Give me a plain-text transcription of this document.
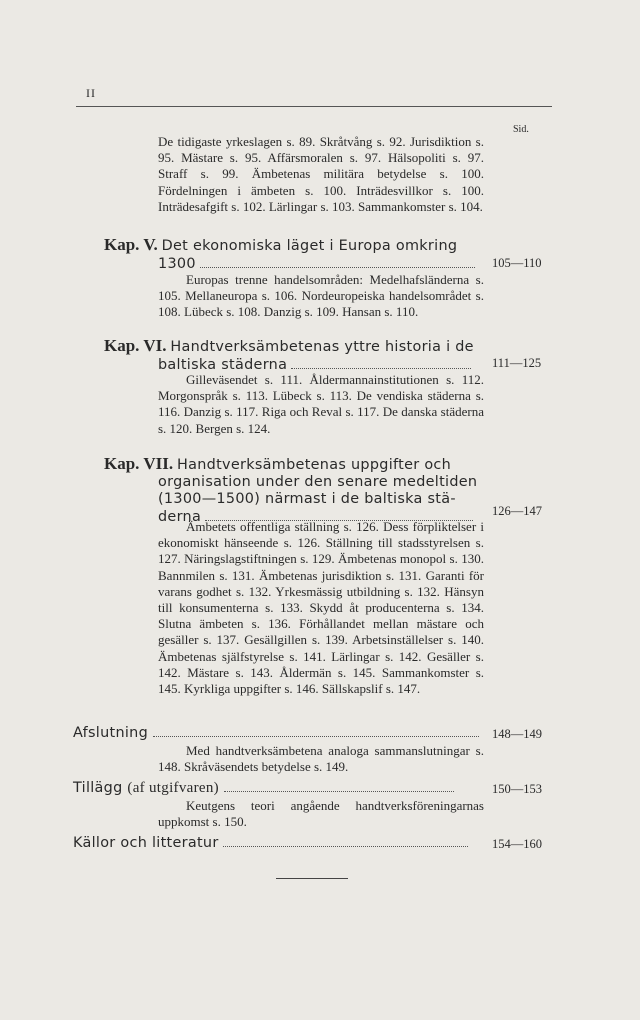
II
Sid.
De tidigaste yrkeslagen s. 89. Skråtvång s. 92. Jurisdiktion s. 95. Mästare s. 95. Affärsmoralen s. 97. Hälsopoliti s. 97. Straff s. 99. Ämbetenas militära betydelse s. 100. Fördelningen i ämbeten s. 100. Inträdesvillkor s. 100. Inträdesafgift s. 102. Lärlingar s. 103. Sammankomster s. 104.
Kap. V. Det ekonomiska läget i Europa omkring
1300	105—110
Europas trenne handelsområden: Medelhafsländerna s. 105. Mellaneuropa s. 106. Nordeuropeiska handelsområdet s. 108. Lübeck s. 108. Danzig s. 109. Hansan s. 110.
Kap. VI. Handtverksämbetenas yttre historia i de
baltiska städerna	111—125
Gilleväsendet s. 111. Åldermannainstitutionen s. 112. Morgonspråk s. 113. Lübeck s. 113. De vendiska städerna s. 116. Danzig s. 117. Riga och Reval s. 117. De danska städerna s. 120. Bergen s. 124.
Kap. VII. Handtverksämbetenas uppgifter och

organisation under den senare medeltiden
(1300—1500) närmast i de baltiska stä-
derna	126—147
Ämbetets offentliga ställning s. 126. Dess förpliktelser i ekonomiskt hänseende s. 126. Ställning till stadsstyrelsen s. 127. Näringslagstiftningen s. 129. Ämbetenas monopol s. 130. Bannmilen s. 131. Ämbetenas jurisdiktion s. 131. Garanti för varans godhet s. 132. Yrkesmässig utbildning s. 132. Hänsyn till konsumenterna s. 133. Skydd åt producenterna s. 134. Slutna ämbeten s. 136. Förhållandet mellan mästare och gesäller s. 137. Gesällgillen s. 139. Arbetsinställelser s. 140. Ämbetenas själfstyrelse s. 141. Lärlingar s. 142. Gesäller s. 142. Mästare s. 143. Åldermän s. 145. Sammankomster s. 145. Kyrkliga uppgifter s. 146. Sällskapslif s. 147.
Afslutning	148—149
Med handtverksämbetena analoga sammanslutningar s. 148. Skråväsendets betydelse s. 149.
Tillägg (af utgifvaren)	150—153
Keutgens teori angående handtverksföreningarnas uppkomst s. 150.
Källor och litteratur	154—160
